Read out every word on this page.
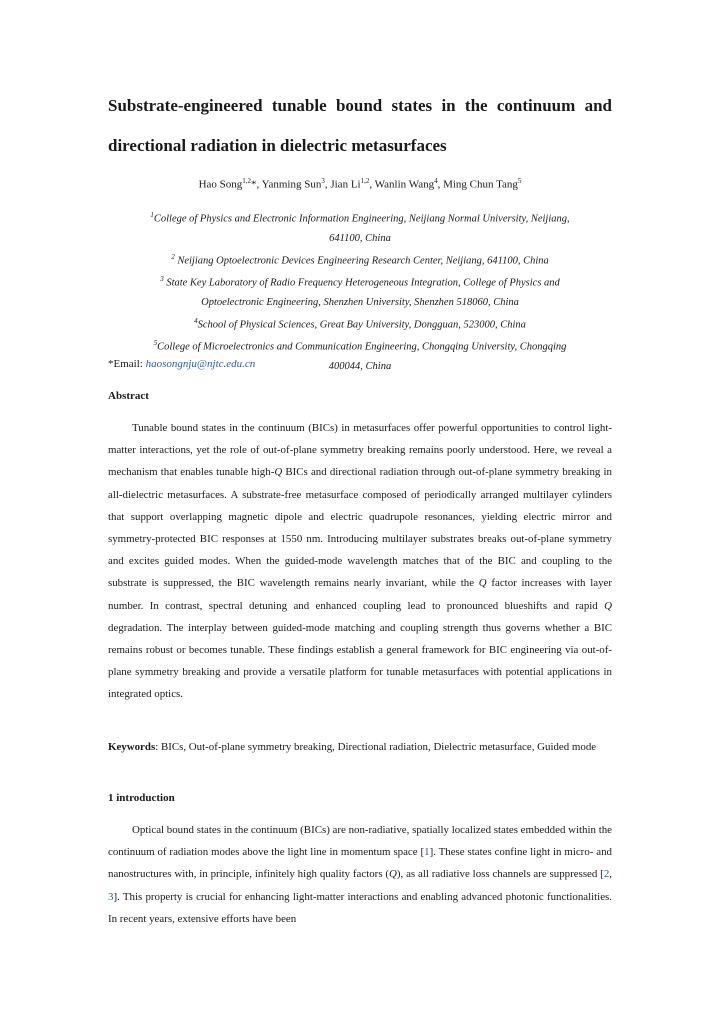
Substrate-engineered tunable bound states in the continuum and
directional radiation in dielectric metasurfaces
Hao Song$^{1,2}$*, Yanming Sun$^3$, Jian Li$^{1,2}$, Wanlin Wang$^4$, Ming Chun Tang$^5$
$^1$College of Physics and Electronic Information Engineering, Neijiang Normal University, Neijiang,
641100, China
$^2$ Neijiang Optoelectronic Devices Engineering Research Center, Neijiang, 641100, China
$^3$ State Key Laboratory of Radio Frequency Heterogeneous Integration, College of Physics and
Optoelectronic Engineering, Shenzhen University, Shenzhen 518060, China
$^4$School of Physical Sciences, Great Bay University, Dongguan, 523000, China
$^5$College of Microelectronics and Communication Engineering, Chongqing University, Chongqing
400044, China
*Email: haosongnju@njtc.edu.cn
Abstract
Tunable bound states in the continuum (BICs) in metasurfaces offer powerful opportunities to control light-matter interactions, yet the role of out-of-plane symmetry breaking remains poorly understood. Here, we reveal a mechanism that enables tunable high-Q BICs and directional radiation through out-of-plane symmetry breaking in all-dielectric metasurfaces. A substrate-free metasurface composed of periodically arranged multilayer cylinders that support overlapping magnetic dipole and electric quadrupole resonances, yielding electric mirror and symmetry-protected BIC responses at 1550 nm. Introducing multilayer substrates breaks out-of-plane symmetry and excites guided modes. When the guided-mode wavelength matches that of the BIC and coupling to the substrate is suppressed, the BIC wavelength remains nearly invariant, while the Q factor increases with layer number. In contrast, spectral detuning and enhanced coupling lead to pronounced blueshifts and rapid Q degradation. The interplay between guided-mode matching and coupling strength thus governs whether a BIC remains robust or becomes tunable. These findings establish a general framework for BIC engineering via out-of-plane symmetry breaking and provide a versatile platform for tunable metasurfaces with potential applications in integrated optics.
Keywords: BICs, Out-of-plane symmetry breaking, Directional radiation, Dielectric metasurface, Guided mode
1 introduction
Optical bound states in the continuum (BICs) are non-radiative, spatially localized states embedded within the continuum of radiation modes above the light line in momentum space [1]. These states confine light in micro- and nanostructures with, in principle, infinitely high quality factors (Q), as all radiative loss channels are suppressed [2, 3]. This property is crucial for enhancing light-matter interactions and enabling advanced photonic functionalities. In recent years, extensive efforts have been
